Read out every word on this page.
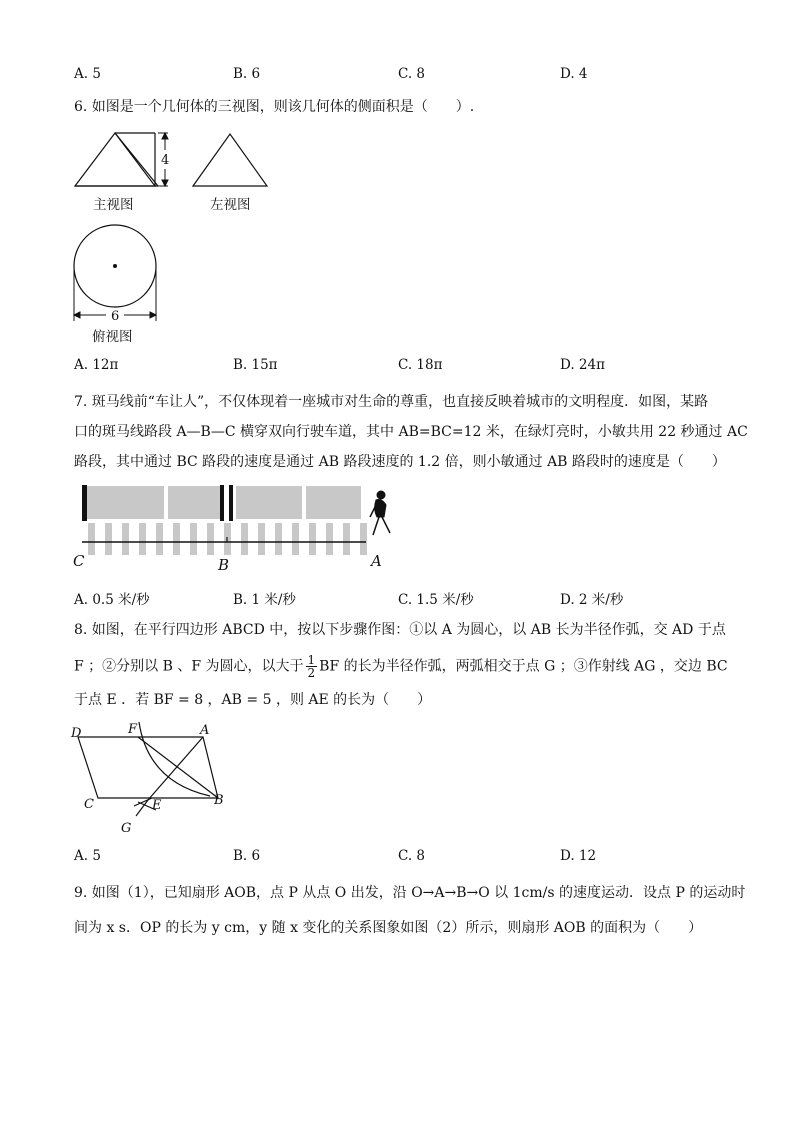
A. 5	B. 6	C. 8	D. 4
6. 如图是一个几何体的三视图，则该几何体的侧面积是（　　）.
4
主视图	左视图
6
俯视图
A. 12π	B. 15π	C. 18π	D. 24π
7. 斑马线前“车让人”，不仅体现着一座城市对生命的尊重，也直接反映着城市的文明程度．如图，某路
口的斑马线路段 A—B—C 横穿双向行驶车道，其中 AB=BC=12 米，在绿灯亮时，小敏共用 22 秒通过 AC
路段，其中通过 BC 路段的速度是通过 AB 路段速度的 1.2 倍，则小敏通过 AB 路段时的速度是（　　）
C	B	A
A. 0.5 米/秒	B. 1 米/秒	C. 1.5 米/秒	D. 2 米/秒
8. 如图，在平行四边形 ABCD 中，按以下步骤作图：①以 A 为圆心，以 AB 长为半径作弧，交 AD 于点
F ；②分别以 B 、F 为圆心，以大于 $\frac{1}{2}$ BF 的长为半径作弧，两弧相交于点 G ；③作射线 AG ，交边 BC
于点 E ．若 BF = 8 ，AB = 5 ，则 AE 的长为（　　）
D	F	A
C	E	B
G
A. 5	B. 6	C. 8	D. 12
9. 如图（1），已知扇形 AOB，点 P 从点 O 出发，沿 O→A→B→O 以 1cm/s 的速度运动．设点 P 的运动时
间为 x s．OP 的长为 y cm，y 随 x 变化的关系图象如图（2）所示，则扇形 AOB 的面积为（　　）
